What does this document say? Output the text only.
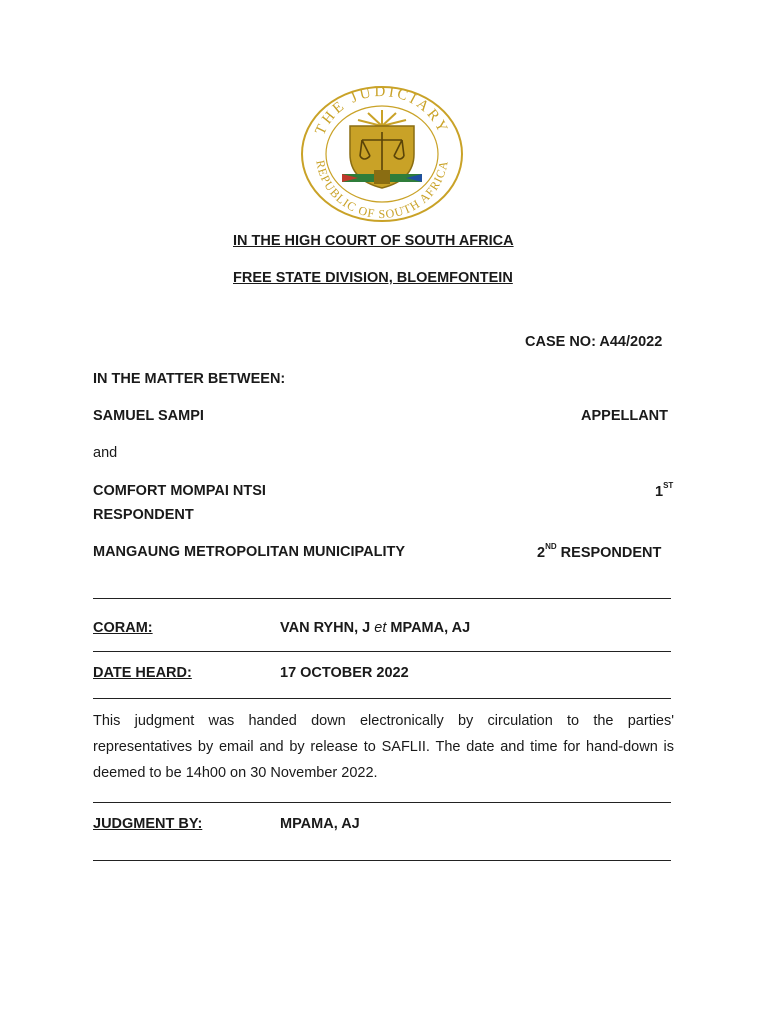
THE JUDICIARY
REPUBLIC OF SOUTH AFRICA
IN THE HIGH COURT OF SOUTH AFRICA
FREE STATE DIVISION, BLOEMFONTEIN
CASE NO: A44/2022
IN THE MATTER BETWEEN:
SAMUEL SAMPI	APPELLANT
and
COMFORT MOMPAI NTSI	1ST
RESPONDENT
MANGAUNG METROPOLITAN MUNICIPALITY	2ND RESPONDENT
CORAM:	VAN RYHN, J et MPAMA, AJ
DATE HEARD:	17 OCTOBER 2022
This judgment was handed down electronically by circulation to the parties' representatives by email and by release to SAFLII. The date and time for hand-down is deemed to be 14h00 on 30 November 2022.
JUDGMENT BY:	MPAMA, AJ
